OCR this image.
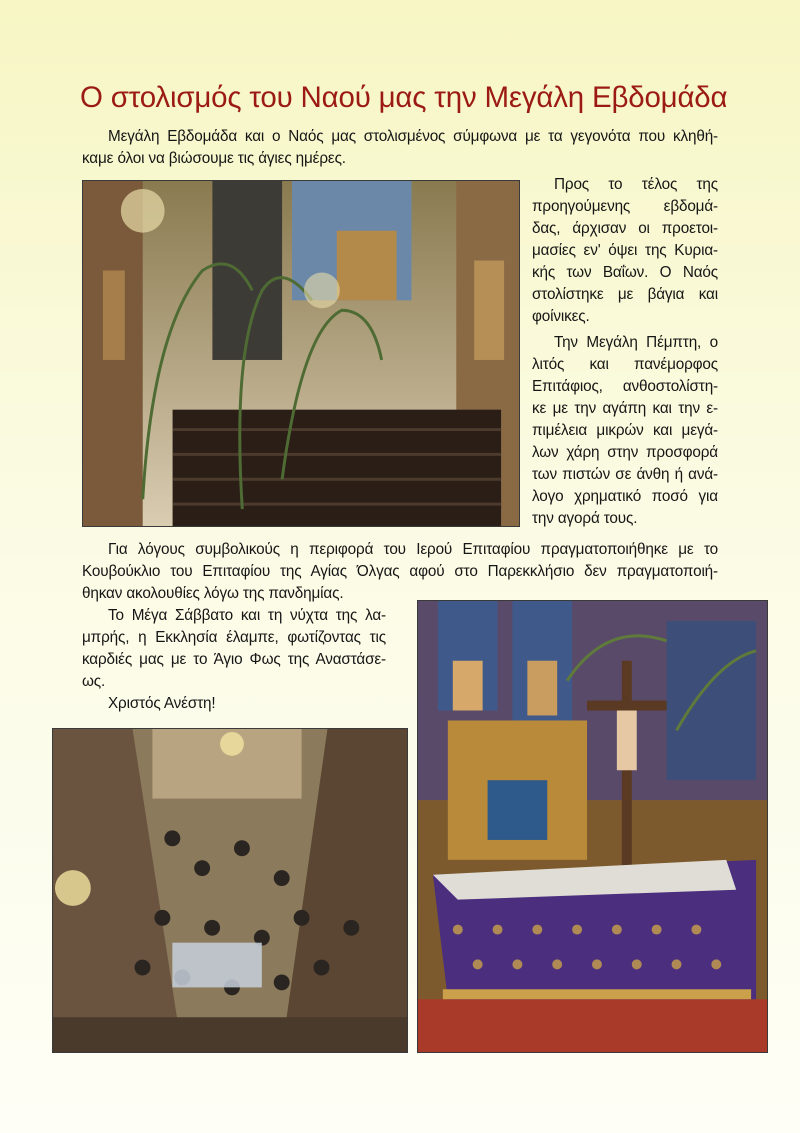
Ο στολισμός του Ναού μας την Μεγάλη Εβδομάδα
Μεγάλη Εβδομάδα και ο Ναός μας στολισμένος σύμφωνα με τα γεγονότα που κληθή-
καμε όλοι να βιώσουμε τις άγιες ημέρες.
Προς το τέλος της
προηγούμενης εβδομά-
δας, άρχισαν οι προετοι-
μασίες εν' όψει της Κυρια-
κής των Βαΐων. Ο Ναός
στολίστηκε με βάγια και
φοίνικες.
Την Μεγάλη Πέμπτη, ο
λιτός και πανέμορφος
Επιτάφιος, ανθοστολίστη-
κε με την αγάπη και την ε-
πιμέλεια μικρών και μεγά-
λων χάρη στην προσφορά
των πιστών σε άνθη ή ανά-
λογο χρηματικό ποσό για
την αγορά τους.
Για λόγους συμβολικούς η περιφορά του Ιερού Επιταφίου πραγματοποιήθηκε με το
Κουβούκλιο του Επιταφίου της Αγίας Όλγας αφού στο Παρεκκλήσιο δεν πραγματοποιή-
θηκαν ακολουθίες λόγω της πανδημίας.
Το Μέγα Σάββατο και τη νύχτα της λα-
μπρής, η Εκκλησία έλαμπε, φωτίζοντας τις
καρδιές μας με το Άγιο Φως της Αναστάσε-
ως.
Χριστός Ανέστη!
